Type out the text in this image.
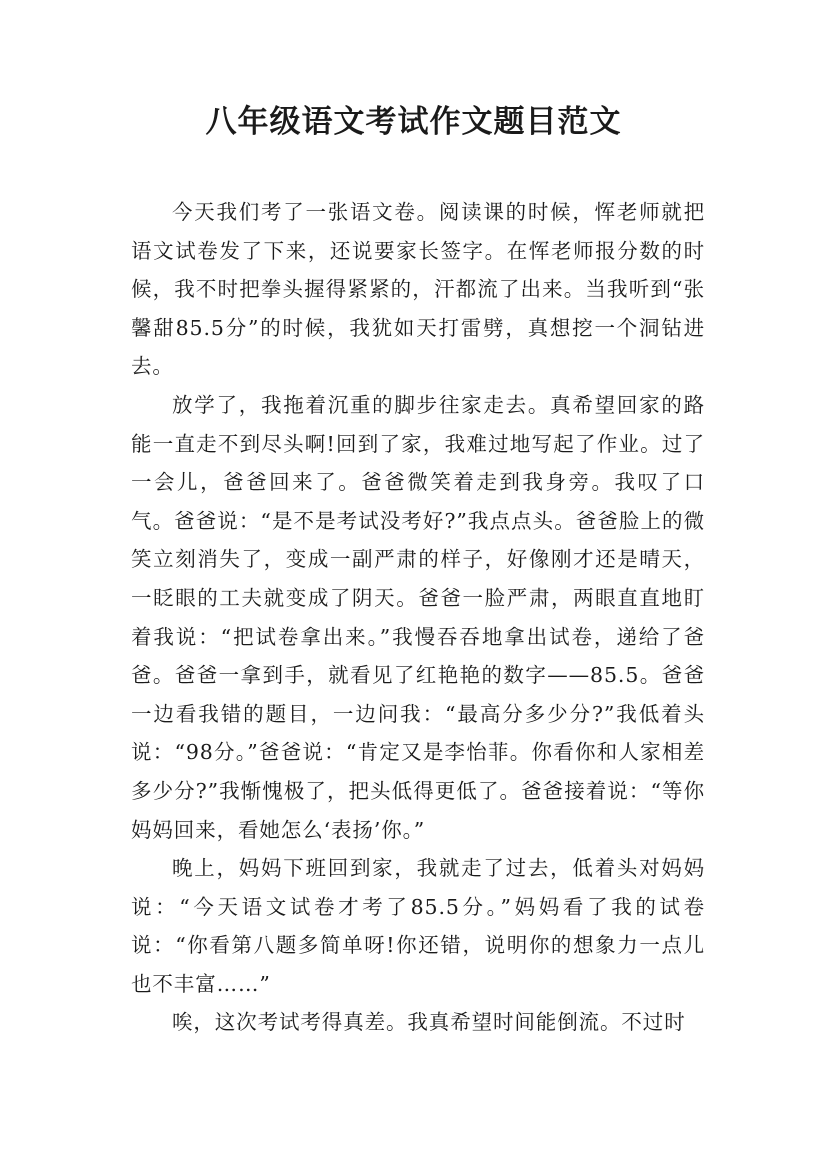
八年级语文考试作文题目范文

今天我们考了一张语文卷。阅读课的时候，恽老师就把语文试卷发了下来，还说要家长签字。在恽老师报分数的时候，我不时把拳头握得紧紧的，汗都流了出来。当我听到“张馨甜85.5分”的时候，我犹如天打雷劈，真想挖一个洞钻进去。

放学了，我拖着沉重的脚步往家走去。真希望回家的路能一直走不到尽头啊!回到了家，我难过地写起了作业。过了一会儿，爸爸回来了。爸爸微笑着走到我身旁。我叹了口气。爸爸说：“是不是考试没考好?”我点点头。爸爸脸上的微笑立刻消失了，变成一副严肃的样子，好像刚才还是晴天，一眨眼的工夫就变成了阴天。爸爸一脸严肃，两眼直直地盯着我说：“把试卷拿出来。”我慢吞吞地拿出试卷，递给了爸爸。爸爸一拿到手，就看见了红艳艳的数字——85.5。爸爸一边看我错的题目，一边问我：“最高分多少分?”我低着头说：“98分。”爸爸说：“肯定又是李怡菲。你看你和人家相差多少分?”我惭愧极了，把头低得更低了。爸爸接着说：“等你妈妈回来，看她怎么‘表扬’你。”

晚上，妈妈下班回到家，我就走了过去，低着头对妈妈说：“今天语文试卷才考了85.5分。”妈妈看了我的试卷说：“你看第八题多简单呀!你还错，说明你的想象力一点儿也不丰富……”

唉，这次考试考得真差。我真希望时间能倒流。不过时
